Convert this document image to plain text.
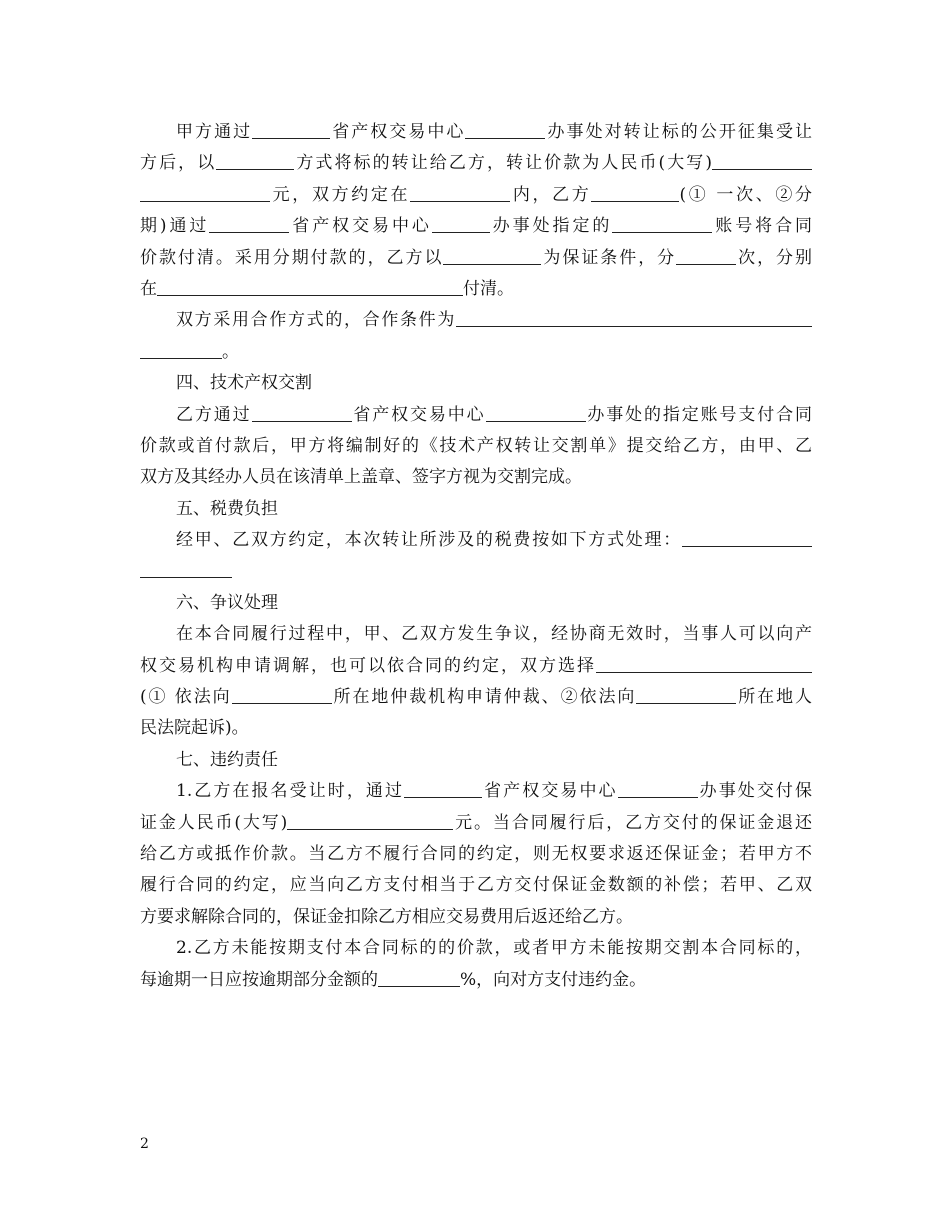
甲方通过	省产权交易中心	办事处对转让标的公开征集受让
方后，以	方式将标的转让给乙方，转让价款为人民币(大写)
元，双方约定在	内，乙方	(① 一次、②分
期)通过	省产权交易中心	办事处指定的	账号将合同
价款付清。采用分期付款的，乙方以	为保证条件，分	次，分别
在	付清。
双方采用合作方式的，合作条件为
。
四、技术产权交割
乙方通过	省产权交易中心	办事处的指定账号支付合同
价款或首付款后，甲方将编制好的《技术产权转让交割单》提交给乙方，由甲、乙
双方及其经办人员在该清单上盖章、签字方视为交割完成。
五、税费负担
经甲、乙双方约定，本次转让所涉及的税费按如下方式处理：
六、争议处理
在本合同履行过程中，甲、乙双方发生争议，经协商无效时，当事人可以向产
权交易机构申请调解，也可以依合同的约定，双方选择
(① 依法向	所在地仲裁机构申请仲裁、②依法向	所在地人
民法院起诉)。
七、违约责任
1.乙方在报名受让时，通过	省产权交易中心	办事处交付保
证金人民币(大写)	元。当合同履行后，乙方交付的保证金退还
给乙方或抵作价款。当乙方不履行合同的约定，则无权要求返还保证金；若甲方不
履行合同的约定，应当向乙方支付相当于乙方交付保证金数额的补偿；若甲、乙双
方要求解除合同的，保证金扣除乙方相应交易费用后返还给乙方。
2.乙方未能按期支付本合同标的的价款，或者甲方未能按期交割本合同标的，
每逾期一日应按逾期部分金额的	%，向对方支付违约金。
2
